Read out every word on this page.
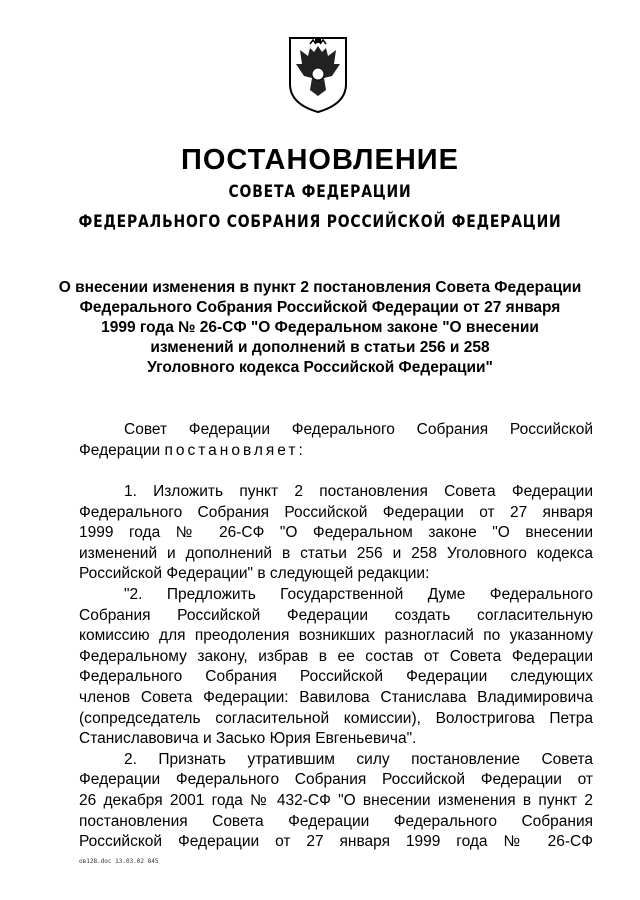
ПОСТАНОВЛЕНИЕ
СОВЕТА ФЕДЕРАЦИИ
ФЕДЕРАЛЬНОГО СОБРАНИЯ РОССИЙСКОЙ ФЕДЕРАЦИИ
О внесении изменения в пункт 2 постановления Совета Федерации
Федерального Собрания Российской Федерации от 27 января
1999 года № 26-СФ "О Федеральном законе "О внесении
изменений и дополнений в статьи 256 и 258
Уголовного кодекса Российской Федерации"
Совет Федерации Федерального Собрания Российской
Федерации постановляет:
1. Изложить пункт 2 постановления Совета Федерации
Федерального Собрания Российской Федерации от 27 января
1999 года № 26-СФ "О Федеральном законе "О внесении
изменений и дополнений в статьи 256 и 258 Уголовного кодекса
Российской Федерации" в следующей редакции:
"2. Предложить Государственной Думе Федерального
Собрания Российской Федерации создать согласительную
комиссию для преодоления возникших разногласий по указанному
Федеральному закону, избрав в ее состав от Совета Федерации
Федерального Собрания Российской Федерации следующих
членов Совета Федерации: Вавилова Станислава Владимировича
(сопредседатель согласительной комиссии), Волостригова Петра
Станиславовича и Засько Юрия Евгеньевича".
2. Признать утратившим силу постановление Совета
Федерации Федерального Собрания Российской Федерации от
26 декабря 2001 года № 432-СФ "О внесении изменения в пункт 2
постановления Совета Федерации Федерального Собрания
Российской Федерации от 27 января 1999 года № 26-СФ
ов128.doc 13.03.02 845
